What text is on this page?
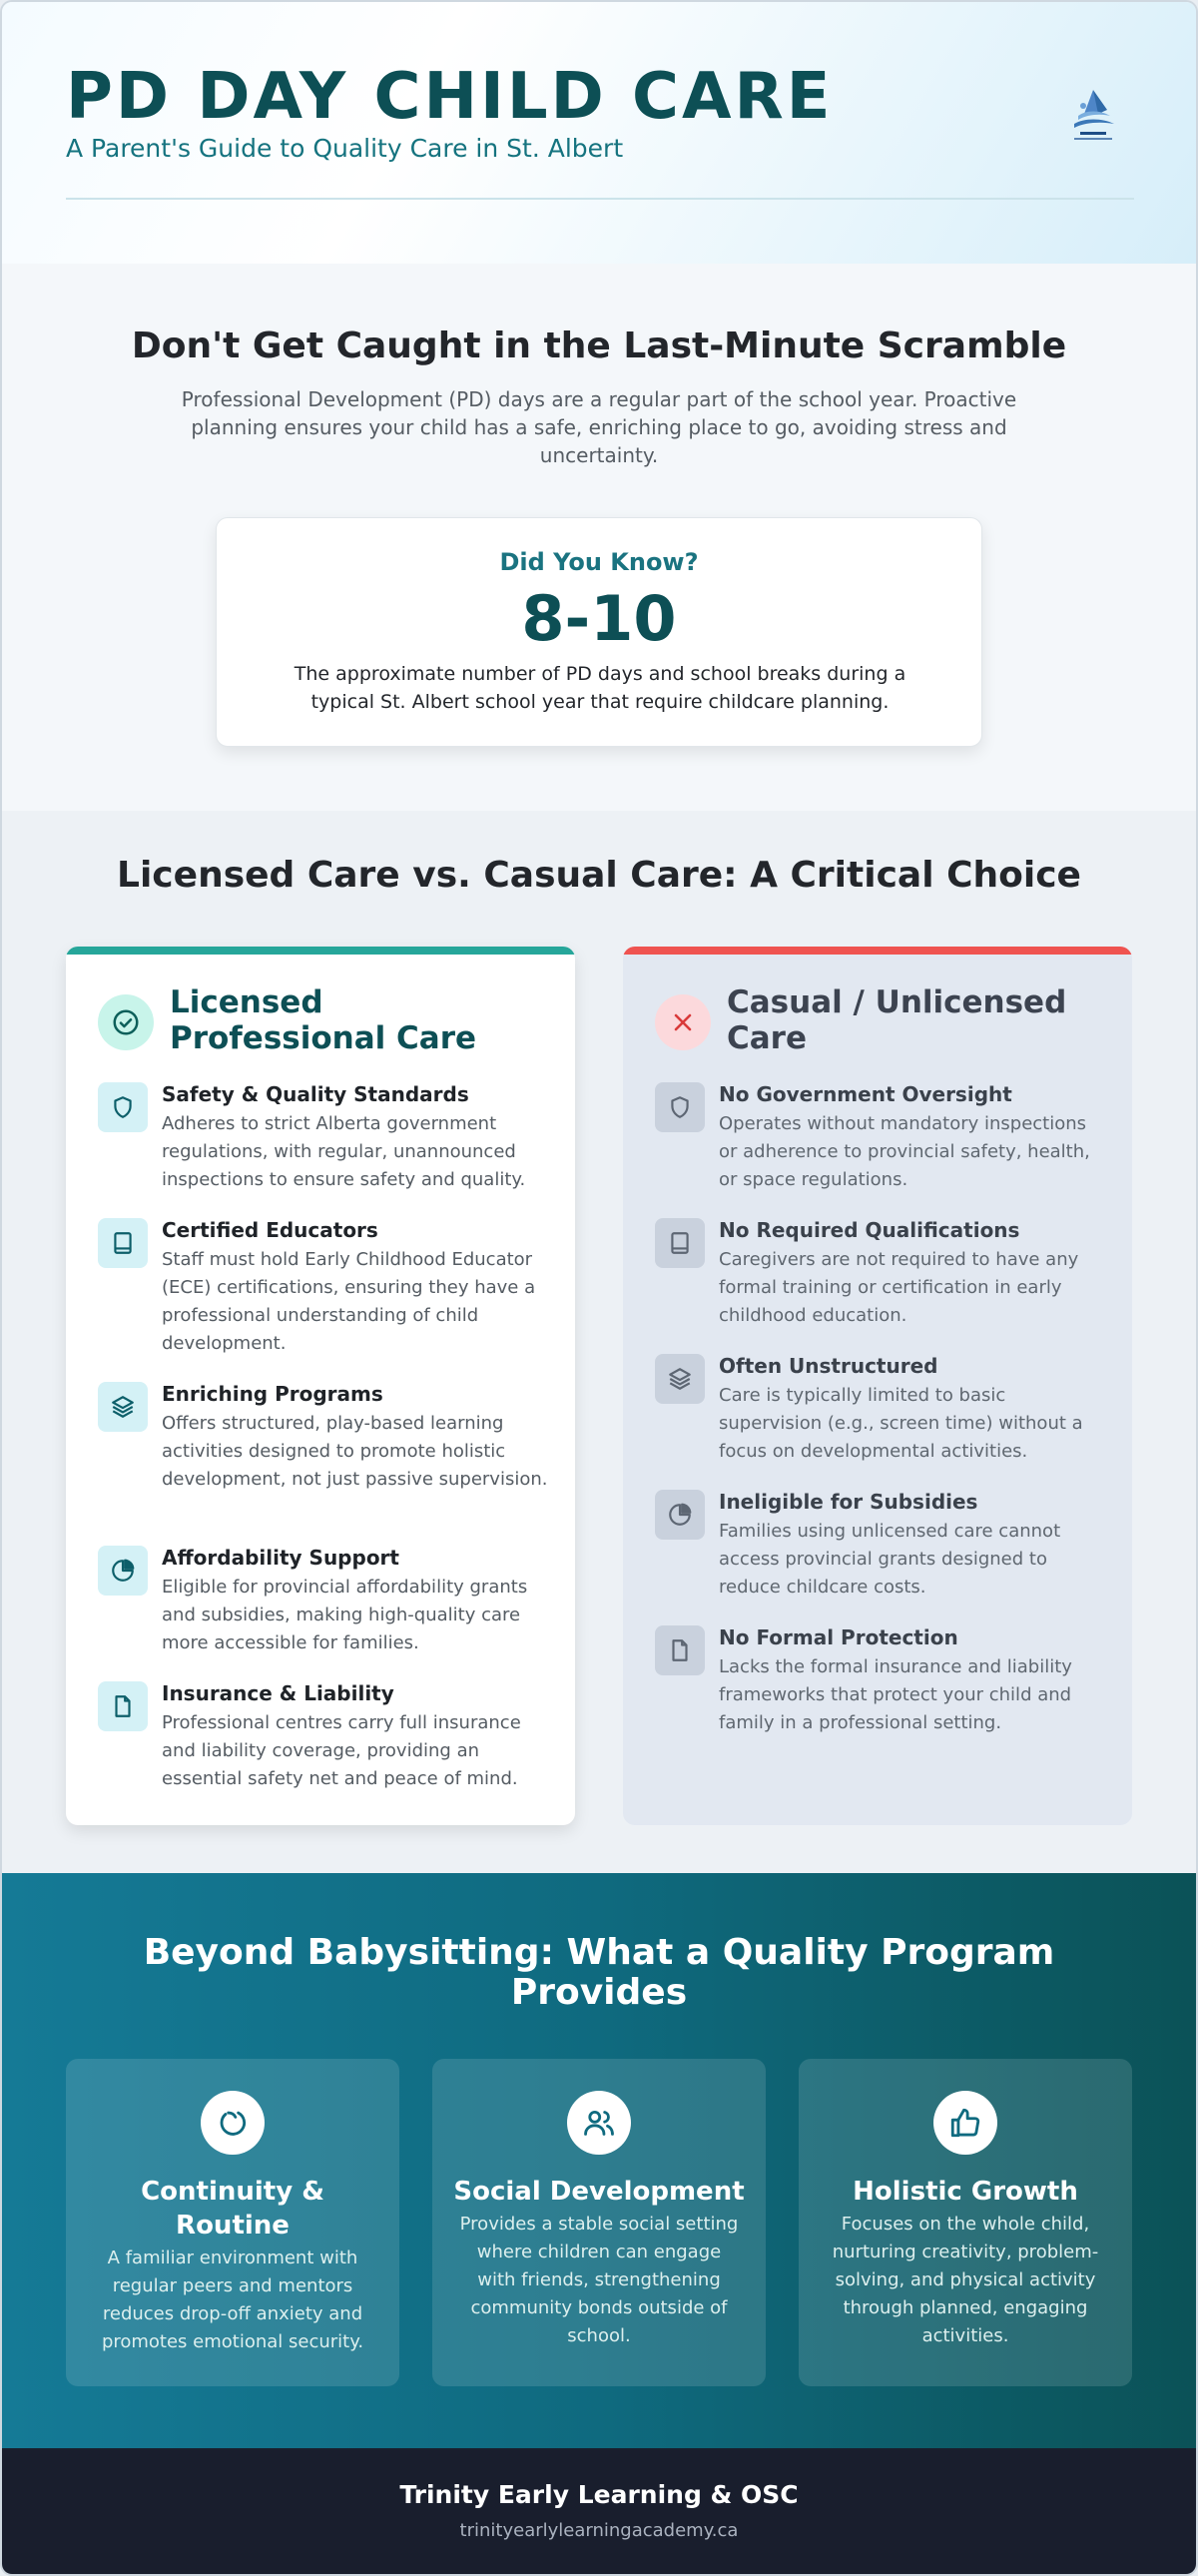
PD DAY CHILD CARE
A Parent's Guide to Quality Care in St. Albert
Don't Get Caught in the Last-Minute Scramble
Professional Development (PD) days are a regular part of the school year. Proactive planning ensures your child has a safe, enriching place to go, avoiding stress and uncertainty.
Did You Know?
8-10
The approximate number of PD days and school breaks during a typical St. Albert school year that require childcare planning.
Licensed Care vs. Casual Care: A Critical Choice
Licensed Professional Care
Safety & Quality Standards
Adheres to strict Alberta government regulations, with regular, unannounced inspections to ensure safety and quality.
Certified Educators
Staff must hold Early Childhood Educator (ECE) certifications, ensuring they have a professional understanding of child development.
Enriching Programs
Offers structured, play-based learning activities designed to promote holistic development, not just passive supervision.
Affordability Support
Eligible for provincial affordability grants and subsidies, making high-quality care more accessible for families.
Insurance & Liability
Professional centres carry full insurance and liability coverage, providing an essential safety net and peace of mind.
Casual / Unlicensed Care
No Government Oversight
Operates without mandatory inspections or adherence to provincial safety, health, or space regulations.
No Required Qualifications
Caregivers are not required to have any formal training or certification in early childhood education.
Often Unstructured
Care is typically limited to basic supervision (e.g., screen time) without a focus on developmental activities.
Ineligible for Subsidies
Families using unlicensed care cannot access provincial grants designed to reduce childcare costs.
No Formal Protection
Lacks the formal insurance and liability frameworks that protect your child and family in a professional setting.
Beyond Babysitting: What a Quality Program Provides
Continuity & Routine
A familiar environment with regular peers and mentors reduces drop-off anxiety and promotes emotional security.
Social Development
Provides a stable social setting where children can engage with friends, strengthening community bonds outside of school.
Holistic Growth
Focuses on the whole child, nurturing creativity, problem-solving, and physical activity through planned, engaging activities.
Trinity Early Learning & OSC
trinityearlylearningacademy.ca
